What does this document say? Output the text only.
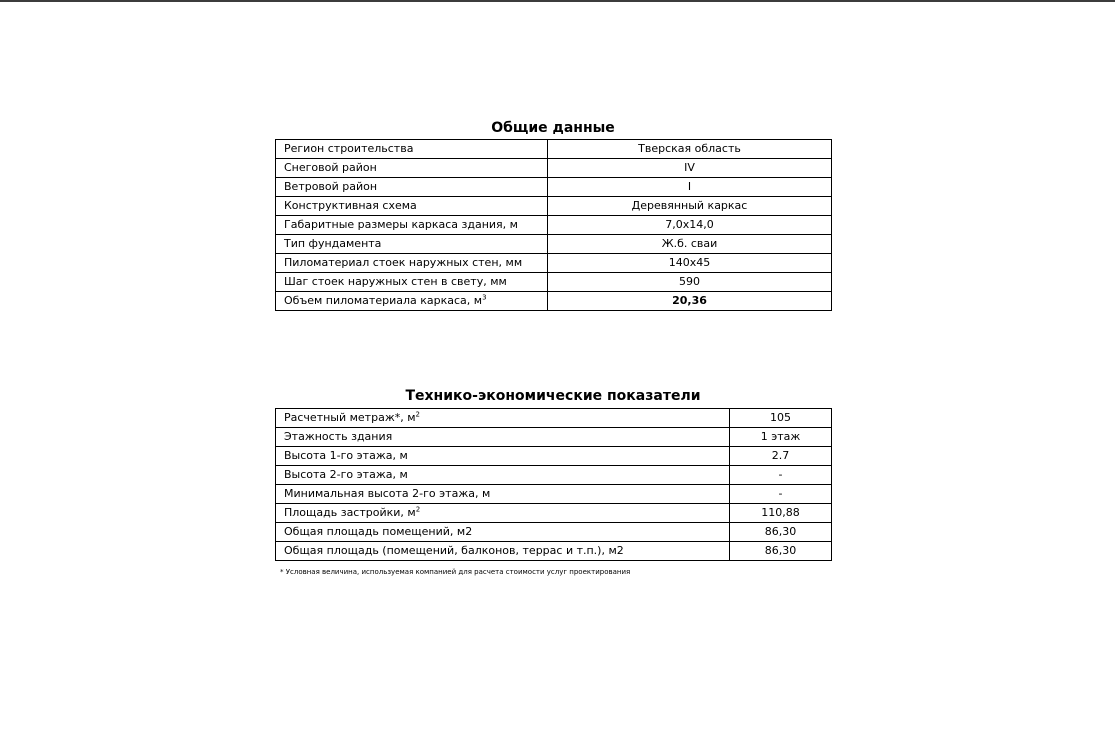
Общие данные
Регион строительства	Тверская область
Снеговой район	IV
Ветровой район	I
Конструктивная схема	Деревянный каркас
Габаритные размеры каркаса здания, м	7,0х14,0
Тип фундамента	Ж.б. сваи
Пиломатериал стоек наружных стен, мм	140х45
Шаг стоек наружных стен в свету, мм	590
Объем пиломатериала каркаса, $м^3$	20,36
Технико-экономические показатели
Расчетный метраж*, $м^2$	105
Этажность здания	1 этаж
Высота 1-го этажа, м	2.7
Высота 2-го этажа, м	-
Минимальная высота 2-го этажа, м	-
Площадь застройки, $м^2$	110,88
Общая площадь помещений, м2	86,30
Общая площадь (помещений, балконов, террас и т.п.), м2	86,30
* Условная величина, используемая компанией для расчета стоимости услуг проектирования
